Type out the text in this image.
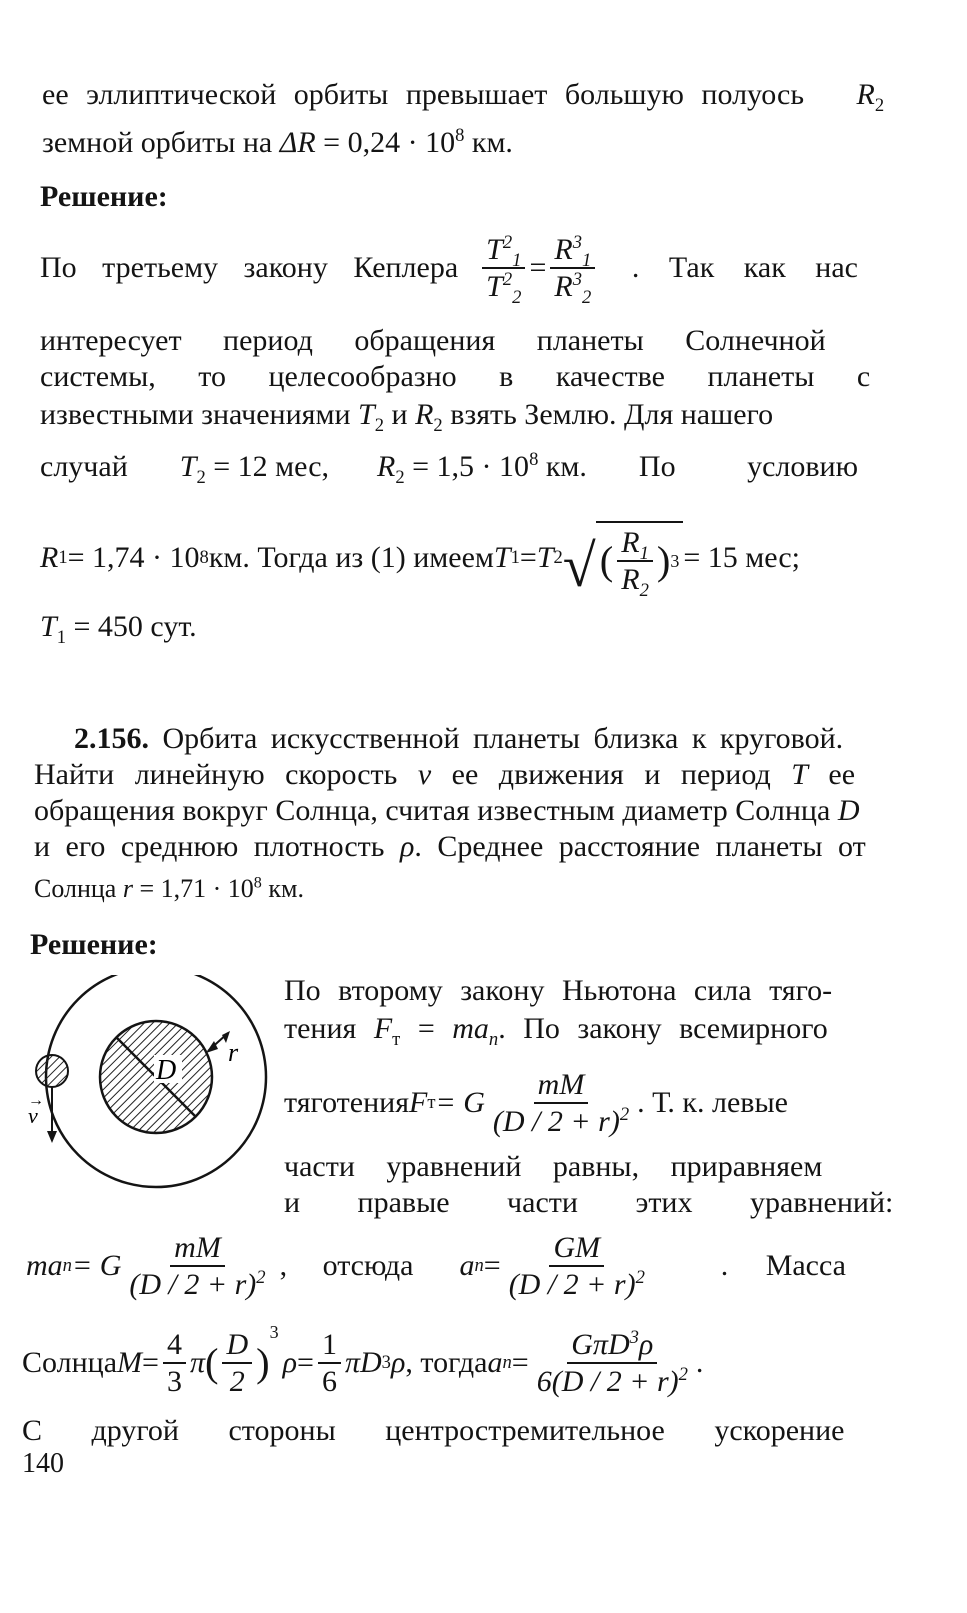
ее эллиптической орбиты превышает большую полуось $R_2$
земной орбиты на $\Delta R = 0,24 \cdot 10^8$ км.
Решение:
По третьему закону Кеплера $\frac{T^2_1}{T^2_2} = \frac{R^3_1}{R^3_2}$ . Так как нас
интересует период обращения планеты Солнечной
системы, то целесообразно в качестве планеты с
известными значениями $T_2$ и $R_2$ взять Землю. Для нашего
случай $T_2 = 12$ мес, $R_2 = 1,5 \cdot 10^8$ км. По условию
R 1 = 1,74 · 10 8 км. Тогда из (1) имеем T 1 = T 2 √ ( $\frac{R_1}{R_2}$ ) 3 = 15 мес;
$T_1 = 450$ сут.
2.156. Орбита искусственной планеты близка к круговой.
Найти линейную скорость v ее движения и период T ее
обращения вокруг Солнца, считая известным диаметр Солнца D
и его среднюю плотность ρ. Среднее расстояние планеты от
Солнца $r = 1,71 \cdot 10^8$ км.
Решение:
D
r
v
→
По второму закону Ньютона сила тяго-
тения $F_т = ma_n$. По закону всемирного
тяготения F т = G $\frac{mM}{(D / 2 + r)^2}$ . Т. к. левые
части уравнений равны, приравняем
и правые части этих уравнений:
ma n = G $\frac{mM}{(D / 2 + r)^2}$ , отсюда a $n = \frac{GM}{(D / 2 + r)^2}$ . Масса
Солнца $M = \frac{4}{3}$ π ( $\frac{D}{2}$ )
3
$\rho = \frac{1}{6}$ πD 3 ρ , тогда a $n = \frac{G\pi D^3\rho}{6(D / 2 + r)^2}$ .
С другой стороны центростремительное ускорение
140
